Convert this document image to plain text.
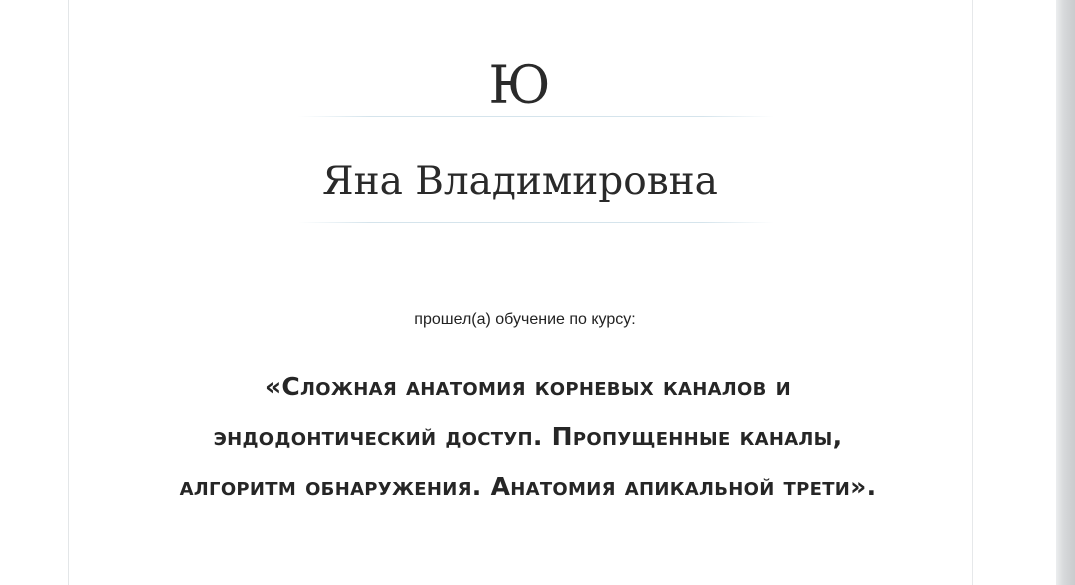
Ю
Яна Владимировна
прошел(а) обучение по курсу:
«Сложная анатомия корневых каналов и
эндодонтический доступ. Пропущенные каналы,
алгоритм обнаружения. Анатомия апикальной трети».
